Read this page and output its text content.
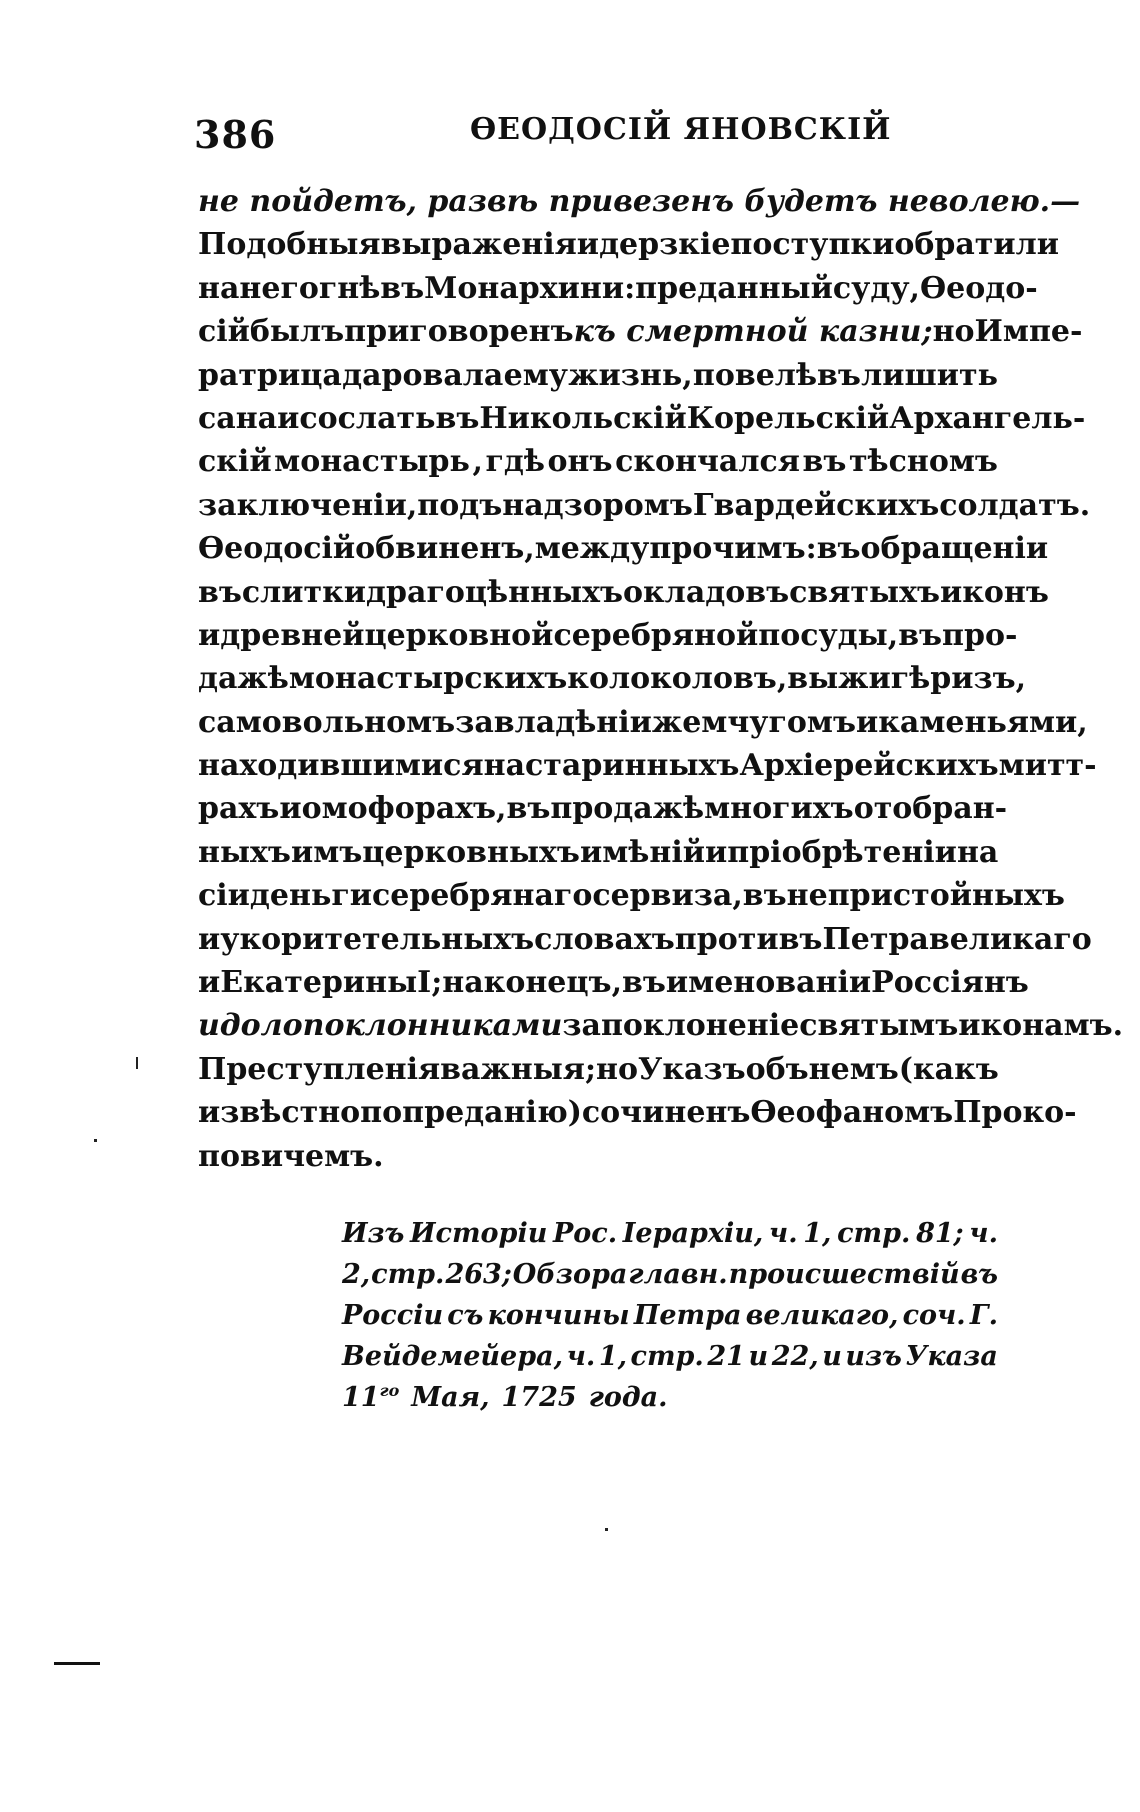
386	ѲЕОДОСІЙ ЯНОВСКІЙ
не пойдетъ, развѣ привезенъ будетъ неволею. —
Подобныя выраженія и дерзкіе поступки обратили
на него гнѣвъ Монархини: преданный суду, Ѳеодо-
сій былъ приговоренъ къ смертной казни; но Импе-
ратрица даровала ему жизнь, повелѣвъ лишить
сана и сослать въ Никольскій Корельскій Архангель-
скій монастырь , гдѣ онъ скончался въ тѣсномъ
заключеніи, подъ надзоромъ Гвардейскихъ солдатъ.
Ѳеодосій обвиненъ, между прочимъ: въ обращеніи
въ слитки драгоцѣнныхъ окладовъ святыхъ иконъ
и древней церковной серебряной посуды, въ про-
дажѣ монастырскихъ колоколовъ, выжигѣ ризъ,
самовольномъ завладѣніи жемчугомъ и каменьями,
находившимися на старинныхъ Архіерейскихъ митт-
рахъ и омофорахъ, въ продажѣ многихъ отобран-
ныхъ имъ церковныхъ имѣній и пріобрѣтеніи на
сіи деньги серебрянаго сервиза, въ непристойныхъ
и укоритетельныхъ словахъ противъ Петра великаго
и Екатерины I; наконецъ, въ именованіи Россіянъ
идолопоклонниками за поклоненіе святымъ иконамъ.
Преступленія важныя; но Указъ объ немъ (какъ
извѣстно по преданію) сочиненъ Ѳеофаномъ Проко-
повичемъ.
Изъ Исторіи Рос. Іерархіи, ч. 1, стр. 81; ч.
2, стр. 263; Обзора главн. происшествій въ
Россіи съ кончины Петра великаго, соч. Г.
Вейдемейера, ч. 1, стр. 21 и 22, и изъ Указа
$11^{го}$ Мая, 1725 года.
